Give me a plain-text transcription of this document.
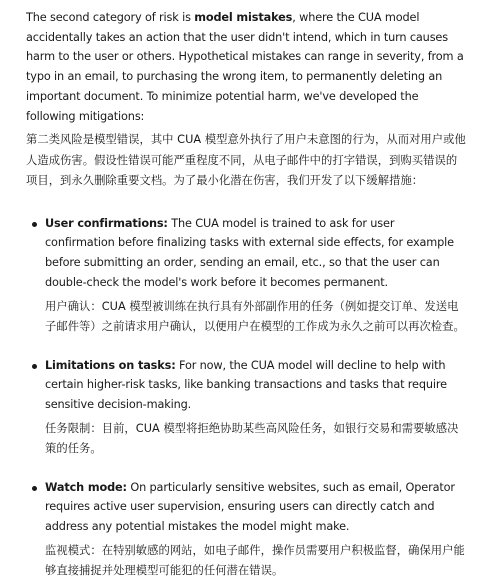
The second category of risk is model mistakes, where the CUA model accidentally takes an action that the user didn't intend, which in turn causes harm to the user or others. Hypothetical mistakes can range in severity, from a typo in an email, to purchasing the wrong item, to permanently deleting an important document. To minimize potential harm, we've developed the following mitigations:

第二类风险是模型错误，其中 CUA 模型意外执行了用户未意图的行为，从而对用户或他人造成伤害。假设性错误可能严重程度不同，从电子邮件中的打字错误，到购买错误的项目，到永久删除重要文档。为了最小化潜在伤害，我们开发了以下缓解措施：

User confirmations: The CUA model is trained to ask for user confirmation before finalizing tasks with external side effects, for example before submitting an order, sending an email, etc., so that the user can double-check the model's work before it becomes permanent.

用户确认：CUA 模型被训练在执行具有外部副作用的任务（例如提交订单、发送电子邮件等）之前请求用户确认，以便用户在模型的工作成为永久之前可以再次检查。

Limitations on tasks: For now, the CUA model will decline to help with certain higher-risk tasks, like banking transactions and tasks that require sensitive decision-making.

任务限制：目前，CUA 模型将拒绝协助某些高风险任务，如银行交易和需要敏感决策的任务。

Watch mode: On particularly sensitive websites, such as email, Operator requires active user supervision, ensuring users can directly catch and address any potential mistakes the model might make.

监视模式：在特别敏感的网站，如电子邮件，操作员需要用户积极监督，确保用户能够直接捕捉并处理模型可能犯的任何潜在错误。
